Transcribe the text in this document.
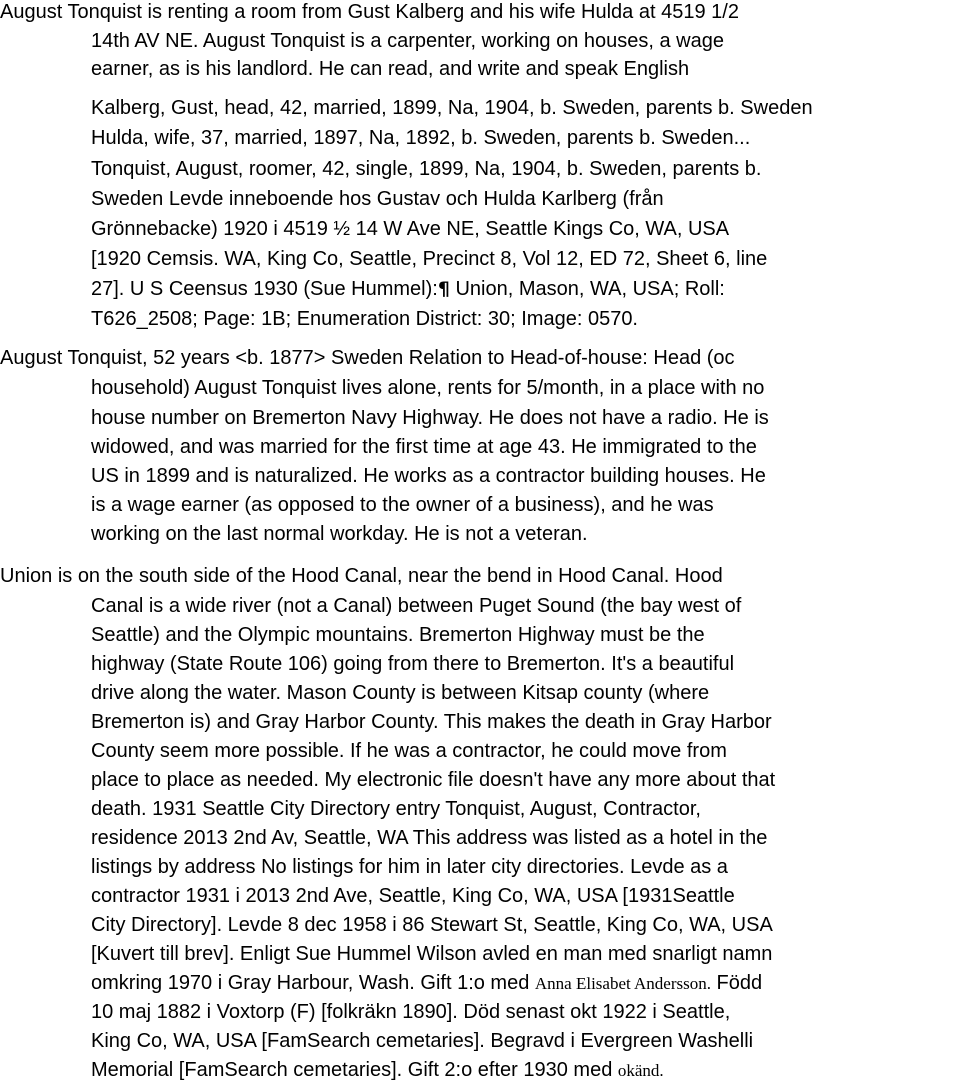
August Tonquist is renting a room from Gust Kalberg and his wife Hulda at 4519 1/2
14th AV NE. August Tonquist is a carpenter, working on houses, a wage
earner, as is his landlord. He can read, and write and speak English
Kalberg, Gust, head, 42, married, 1899, Na, 1904, b. Sweden, parents b. Sweden
Hulda, wife, 37, married, 1897, Na, 1892, b. Sweden, parents b. Sweden...
Tonquist, August, roomer, 42, single, 1899, Na, 1904, b. Sweden, parents b.
Sweden Levde inneboende hos Gustav och Hulda Karlberg (från
Grönnebacke) 1920 i 4519 ½ 14 W Ave NE, Seattle Kings Co, WA, USA
[1920 Cemsis. WA, King Co, Seattle, Precinct 8, Vol 12, ED 72, Sheet 6, line
27]. U S Ceensus 1930 (Sue Hummel):¶ Union, Mason, WA, USA; Roll:
T626_2508; Page: 1B; Enumeration District: 30; Image: 0570.
August Tonquist, 52 years <b. 1877> Sweden Relation to Head-of-house: Head (oc
household) August Tonquist lives alone, rents for 5/month, in a place with no
house number on Bremerton Navy Highway. He does not have a radio. He is
widowed, and was married for the first time at age 43. He immigrated to the
US in 1899 and is naturalized. He works as a contractor building houses. He
is a wage earner (as opposed to the owner of a business), and he was
working on the last normal workday. He is not a veteran.
Union is on the south side of the Hood Canal, near the bend in Hood Canal. Hood
Canal is a wide river (not a Canal) between Puget Sound (the bay west of
Seattle) and the Olympic mountains. Bremerton Highway must be the
highway (State Route 106) going from there to Bremerton. It's a beautiful
drive along the water. Mason County is between Kitsap county (where
Bremerton is) and Gray Harbor County. This makes the death in Gray Harbor
County seem more possible. If he was a contractor, he could move from
place to place as needed. My electronic file doesn't have any more about that
death. 1931 Seattle City Directory entry Tonquist, August, Contractor,
residence 2013 2nd Av, Seattle, WA This address was listed as a hotel in the
listings by address No listings for him in later city directories. Levde as a
contractor 1931 i 2013 2nd Ave, Seattle, King Co, WA, USA [1931Seattle
City Directory]. Levde 8 dec 1958 i 86 Stewart St, Seattle, King Co, WA, USA
[Kuvert till brev]. Enligt Sue Hummel Wilson avled en man med snarligt namn
omkring 1970 i Gray Harbour, Wash. Gift 1:o med Anna Elisabet Andersson. Född
10 maj 1882 i Voxtorp (F) [folkräkn 1890]. Död senast okt 1922 i Seattle,
King Co, WA, USA [FamSearch cemetaries]. Begravd i Evergreen Washelli
Memorial [FamSearch cemetaries]. Gift 2:o efter 1930 med okänd.
